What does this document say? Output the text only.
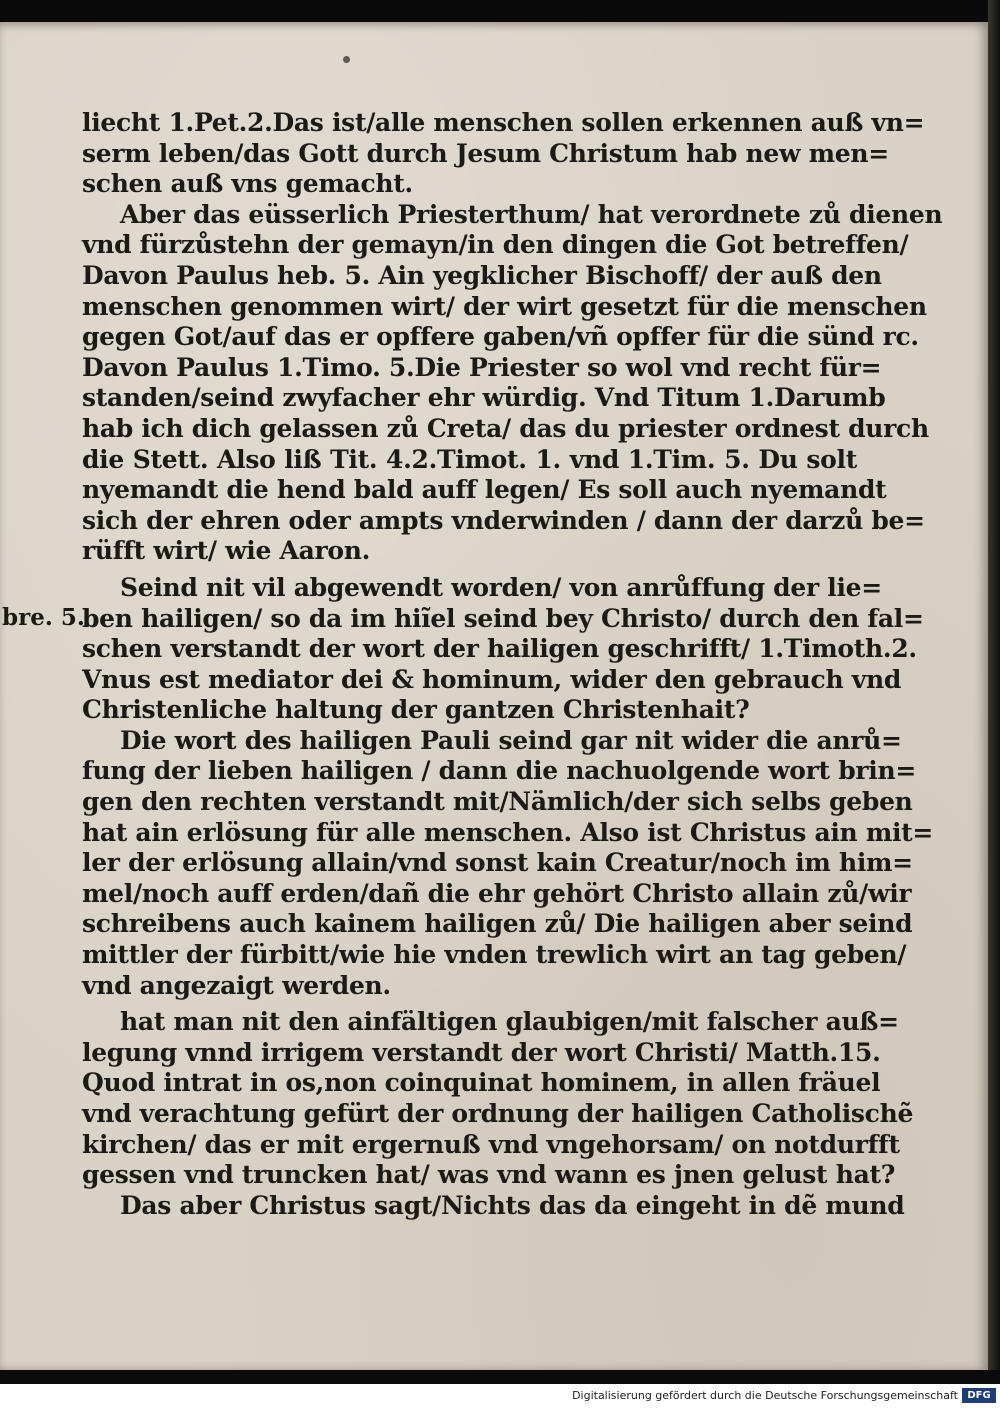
bre. 5.
liecht 1.Pet.2.Das ist/alle menschen sollen erkennen auß vn=
serm leben/das Gott durch Jesum Christum hab new men=
schen auß vns gemacht.
Aber das eüsserlich Priesterthum/ hat verordnete zů dienen
vnd fürzůstehn der gemayn/in den dingen die Got betreffen/
Davon Paulus heb. 5. Ain yegklicher Bischoff/ der auß den
menschen genommen wirt/ der wirt gesetzt für die menschen
gegen Got/auf das er opffere gaben/vñ opffer für die sünd rc.
Davon Paulus 1.Timo. 5.Die Priester so wol vnd recht für=
standen/seind zwyfacher ehr würdig. Vnd Titum 1.Darumb
hab ich dich gelassen zů Creta/ das du priester ordnest durch
die Stett. Also liß Tit. 4.2.Timot. 1. vnd 1.Tim. 5. Du solt
nyemandt die hend bald auff legen/ Es soll auch nyemandt
sich der ehren oder ampts vnderwinden / dann der darzů be=
rüfft wirt/ wie Aaron.
Seind nit vil abgewendt worden/ von anrůffung der lie=
ben hailigen/ so da im hiĩel seind bey Christo/ durch den fal=
schen verstandt der wort der hailigen geschrifft/ 1.Timoth.2.
Vnus est mediator dei & hominum, wider den gebrauch vnd
Christenliche haltung der gantzen Christenhait?
Die wort des hailigen Pauli seind gar nit wider die anrů=
fung der lieben hailigen / dann die nachuolgende wort brin=
gen den rechten verstandt mit/Nämlich/der sich selbs geben
hat ain erlösung für alle menschen. Also ist Christus ain mit=
ler der erlösung allain/vnd sonst kain Creatur/noch im him=
mel/noch auff erden/dañ die ehr gehört Christo allain zů/wir
schreibens auch kainem hailigen zů/ Die hailigen aber seind
mittler der fürbitt/wie hie vnden trewlich wirt an tag geben/
vnd angezaigt werden.
hat man nit den ainfältigen glaubigen/mit falscher auß=
legung vnnd irrigem verstandt der wort Christi/ Matth.15.
Quod intrat in os,non coinquinat hominem, in allen fräuel
vnd verachtung gefürt der ordnung der hailigen Catholischẽ
kirchen/ das er mit ergernuß vnd vngehorsam/ on notdurfft
gessen vnd truncken hat/ was vnd wann es jnen gelust hat?
Das aber Christus sagt/Nichts das da eingeht in dẽ mund
Digitalisierung gefördert durch die Deutsche Forschungsgemeinschaft DFG
